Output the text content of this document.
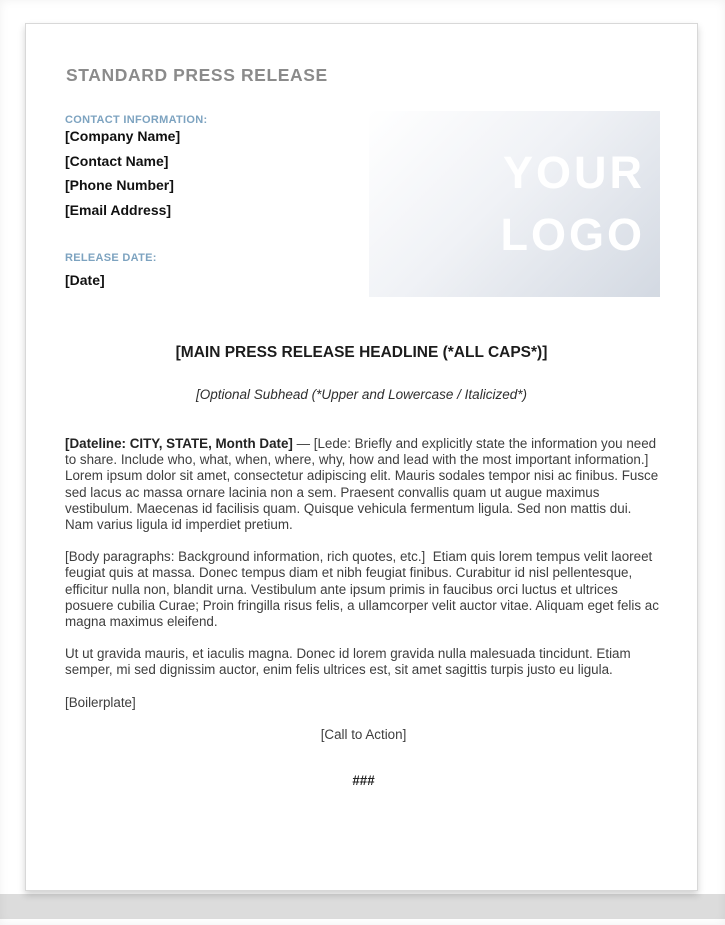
STANDARD PRESS RELEASE
CONTACT INFORMATION:
[Company Name]
[Contact Name]
[Phone Number]
[Email Address]
RELEASE DATE:
[Date]
YOUR
LOGO
[MAIN PRESS RELEASE HEADLINE (*ALL CAPS*)]
[Optional Subhead (*Upper and Lowercase / Italicized*)

[Dateline: CITY, STATE, Month Date] — [Lede: Briefly and explicitly state the information you need to share. Include who, what, when, where, why, how and lead with the most important information.] Lorem ipsum dolor sit amet, consectetur adipiscing elit. Mauris sodales tempor nisi ac finibus. Fusce sed lacus ac massa ornare lacinia non a sem. Praesent convallis quam ut augue maximus vestibulum. Maecenas id facilisis quam. Quisque vehicula fermentum ligula. Sed non mattis dui. Nam varius ligula id imperdiet pretium.

[Body paragraphs: Background information, rich quotes, etc.]  Etiam quis lorem tempus velit laoreet feugiat quis at massa. Donec tempus diam et nibh feugiat finibus. Curabitur id nisl pellentesque, efficitur nulla non, blandit urna. Vestibulum ante ipsum primis in faucibus orci luctus et ultrices posuere cubilia Curae; Proin fringilla risus felis, a ullamcorper velit auctor vitae. Aliquam eget felis ac magna maximus eleifend.

Ut ut gravida mauris, et iaculis magna. Donec id lorem gravida nulla malesuada tincidunt. Etiam semper, mi sed dignissim auctor, enim felis ultrices est, sit amet sagittis turpis justo eu ligula.

[Boilerplate]

[Call to Action]

###
